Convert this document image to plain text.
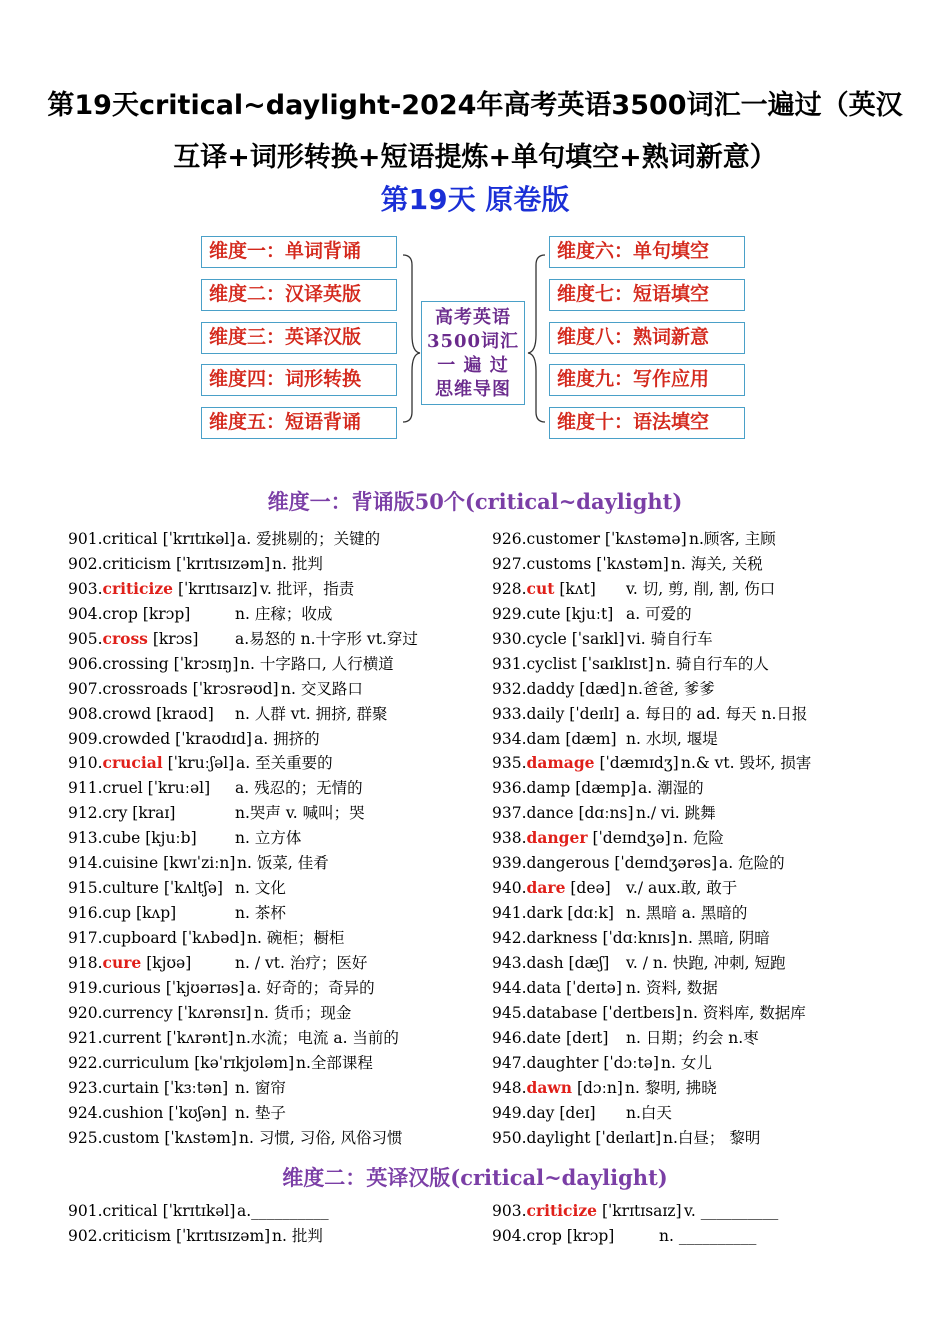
第19天critical~daylight-2024年高考英语3500词汇一遍过（英汉互译+词形转换+短语提炼+单句填空+熟词新意）
第19天 原卷版
维度一：单词背诵
维度二：汉译英版
维度三：英译汉版
维度四：词形转换
维度五：短语背诵
维度六：单句填空
维度七：短语填空
维度八：熟词新意
维度九：写作应用
维度十：语法填空
高考英语
3500词汇
一 遍 过
思维导图
维度一：背诵版50个(critical~daylight)
901.critical [ˈkrɪtɪkəl] a. 爱挑剔的；关键的
902.criticism [ˈkrɪtɪsɪzəm] n. 批判
903.criticize [ˈkrɪtɪsaɪz] v. 批评，指责
904.crop [krɔp]	n. 庄稼；收成
905.cross [krɔs] a.易怒的 n.十字形 vt.穿过
906.crossing [ˈkrɔsɪŋ] n. 十字路口, 人行横道
907.crossroads [ˈkrɔsrəʊd] n. 交叉路口
908.crowd [kraʊd] n. 人群 vt. 拥挤, 群聚
909.crowded [ˈkraʊdɪd] a. 拥挤的
910.crucial [ˈkruːʃəl] a. 至关重要的
911.cruel [ˈkruːəl] a. 残忍的；无情的
912.cry [kraɪ]	n.哭声 v. 喊叫；哭
913.cube [kjuːb] n. 立方体
914.cuisine [kwɪˈziːn] n. 饭菜, 佳肴
915.culture [ˈkʌltʃə] n. 文化
916.cup [kʌp]	n. 茶杯
917.cupboard [ˈkʌbəd] n. 碗柜；橱柜
918.cure [kjʊə]	n. / vt. 治疗；医好
919.curious [ˈkjʊərɪəs] a. 好奇的；奇异的
920.currency [ˈkʌrənsɪ] n. 货币；现金
921.current [ˈkʌrənt] n.水流；电流 a. 当前的
922.curriculum [kəˈrɪkjʊləm] n.全部课程
923.curtain [ˈkɜːtən] n. 窗帘
924.cushion [ˈkʊʃən] n. 垫子
925.custom [ˈkʌstəm] n. 习惯, 习俗, 风俗习惯
926.customer [ˈkʌstəmə] n.顾客, 主顾
927.customs [ˈkʌstəm] n. 海关, 关税
928.cut [kʌt] v. 切, 剪, 削, 割, 伤口
929.cute [kjuːt] a. 可爱的
930.cycle [ˈsaɪkl] vi. 骑自行车
931.cyclist [ˈsaɪklɪst] n. 骑自行车的人
932.daddy [dæd] n.爸爸, 爹爹
933.daily [ˈdeɪlɪ] a. 每日的 ad. 每天 n.日报
934.dam [dæm] n. 水坝, 堰堤
935.damage [ˈdæmɪdʒ] n.& vt. 毁坏, 损害
936.damp [dæmp] a. 潮湿的
937.dance [dɑːns] n./ vi. 跳舞
938.danger [ˈdeɪndʒə] n. 危险
939.dangerous [ˈdeɪndʒərəs] a. 危险的
940.dare [deə] v./ aux.敢, 敢于
941.dark [dɑːk] n. 黑暗 a. 黑暗的
942.darkness [ˈdɑːknɪs] n. 黑暗, 阴暗
943.dash [dæʃ] v. / n. 快跑, 冲刺, 短跑
944.data [ˈdeɪtə] n. 资料, 数据
945.database [ˈdeɪtbeɪs] n. 资料库, 数据库
946.date [deɪt] n. 日期；约会 n.枣
947.daughter [ˈdɔːtə] n. 女儿
948.dawn [dɔːn] n. 黎明, 拂晓
949.day [deɪ] n.白天
950.daylight [ˈdeɪlaɪt] n.白昼； 黎明
维度二：英译汉版(critical~daylight)
901.critical [ˈkrɪtɪkəl] a.__________
902.criticism [ˈkrɪtɪsɪzəm] n. 批判
903.criticize [ˈkrɪtɪsaɪz] v. __________
904.crop [krɔp]	n. __________
